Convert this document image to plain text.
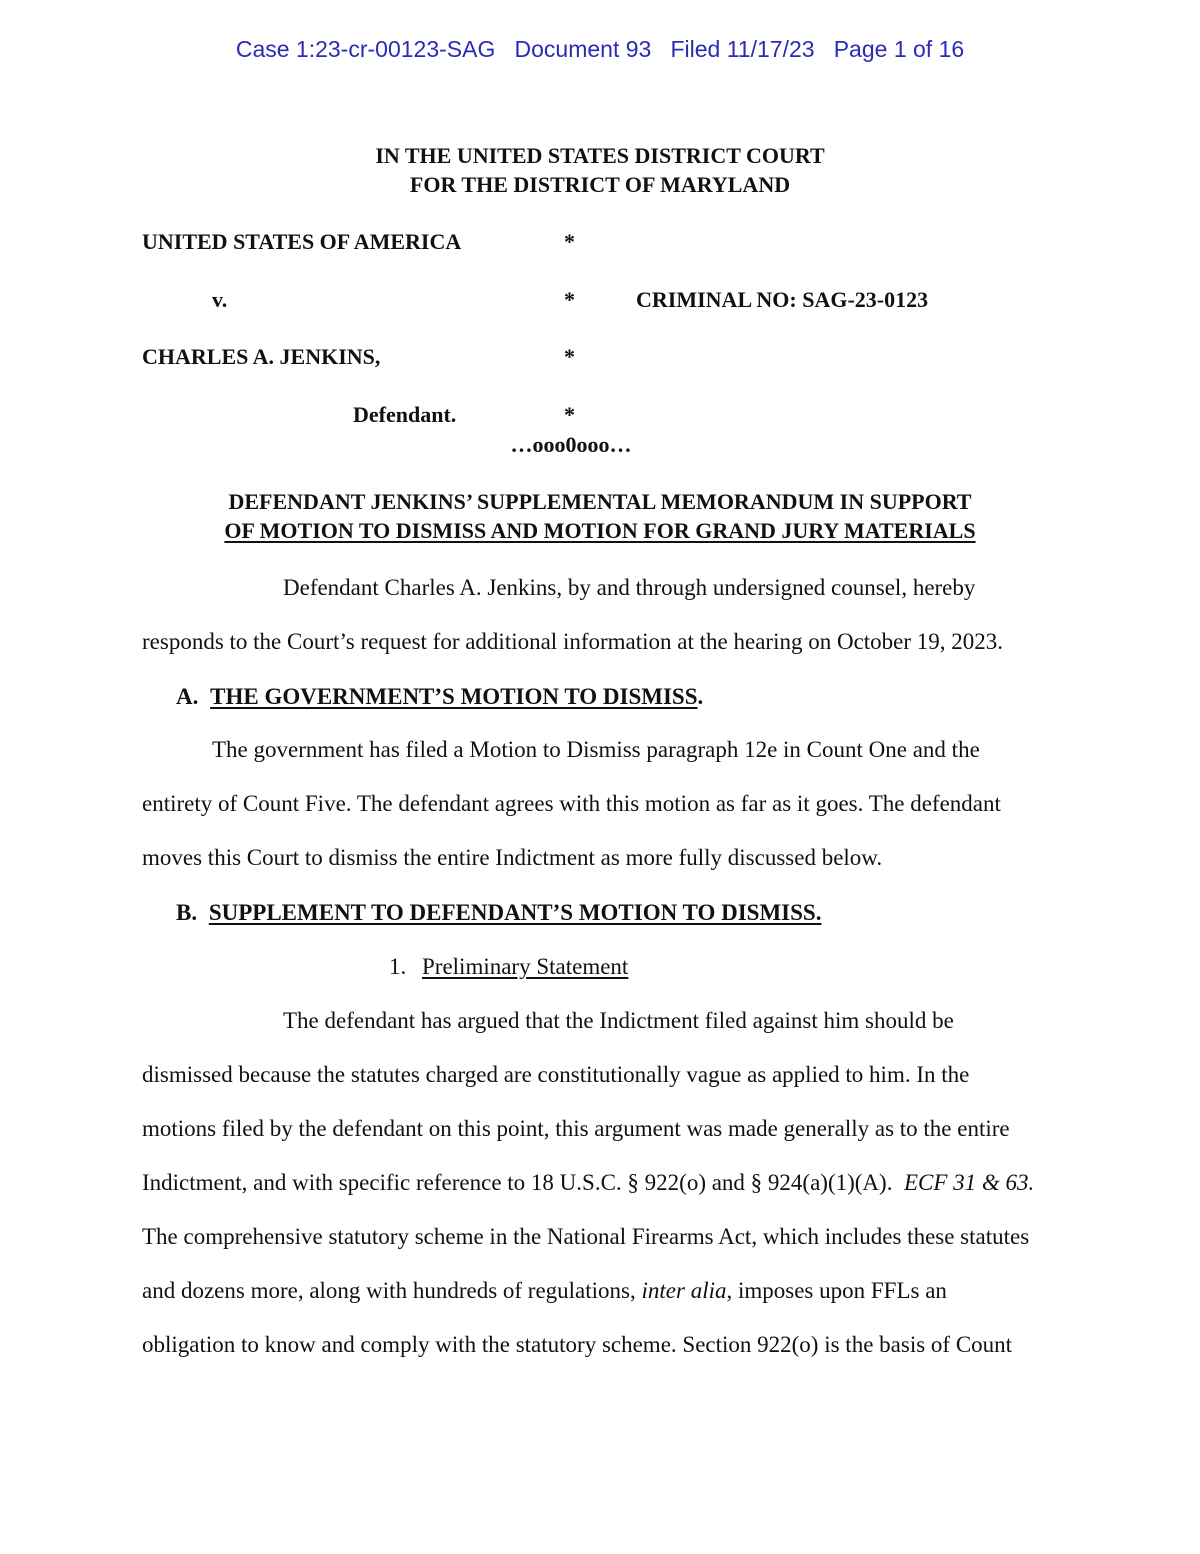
Case 1:23-cr-00123-SAG   Document 93   Filed 11/17/23   Page 1 of 16
IN THE UNITED STATES DISTRICT COURT
FOR THE DISTRICT OF MARYLAND
UNITED STATES OF AMERICA	*
v.	*	CRIMINAL NO: SAG-23-0123
CHARLES A. JENKINS,	*
Defendant.	*
…ooo0ooo…
DEFENDANT JENKINS’ SUPPLEMENTAL MEMORANDUM IN SUPPORT
OF MOTION TO DISMISS AND MOTION FOR GRAND JURY MATERIALS
Defendant Charles A. Jenkins, by and through undersigned counsel, hereby
responds to the Court’s request for additional information at the hearing on October 19, 2023.
A. THE GOVERNMENT’S MOTION TO DISMISS.
The government has filed a Motion to Dismiss paragraph 12e in Count One and the
entirety of Count Five. The defendant agrees with this motion as far as it goes. The defendant
moves this Court to dismiss the entire Indictment as more fully discussed below.
B. SUPPLEMENT TO DEFENDANT’S MOTION TO DISMISS.
1. Preliminary Statement
The defendant has argued that the Indictment filed against him should be
dismissed because the statutes charged are constitutionally vague as applied to him. In the
motions filed by the defendant on this point, this argument was made generally as to the entire
Indictment, and with specific reference to 18 U.S.C. § 922(o) and § 924(a)(1)(A).  ECF 31 & 63.
The comprehensive statutory scheme in the National Firearms Act, which includes these statutes
and dozens more, along with hundreds of regulations, inter alia, imposes upon FFLs an
obligation to know and comply with the statutory scheme. Section 922(o) is the basis of Count
